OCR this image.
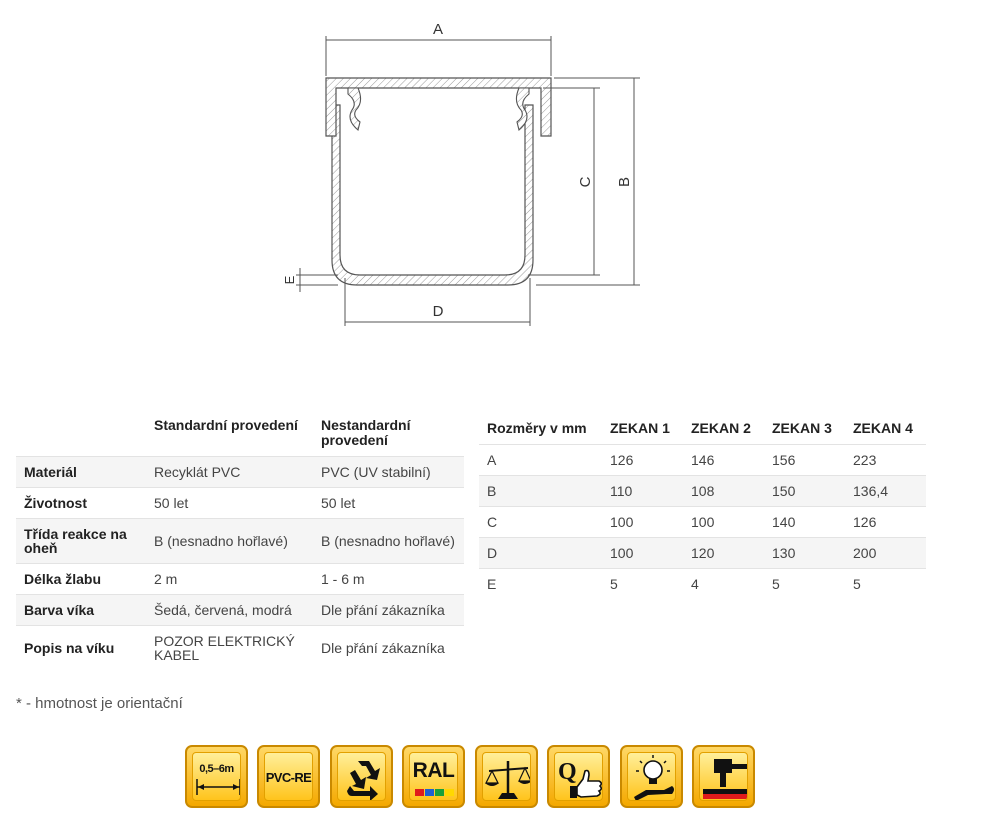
A
B
C
D
E
	Standardní provedení	Nestandardní provedení
Materiál	Recyklát PVC	PVC (UV stabilní)
Životnost	50 let	50 let
Třída reakce na oheň	B (nesnadno hořlavé)	B (nesnadno hořlavé)
Délka žlabu	2 m	1 - 6 m
Barva víka	Šedá, červená, modrá	Dle přání zákazníka
Popis na víku	POZOR ELEKTRICKÝ KABEL	Dle přání zákazníka
Rozměry v mm	ZEKAN 1	ZEKAN 2	ZEKAN 3	ZEKAN 4
A	126	146	156	223
B	110	108	150	136,4
C	100	100	140	126
D	100	120	130	200
E	5	4	5	5
* - hmotnost je orientační
0,5–6m
PVC-RE	RAL	Q
